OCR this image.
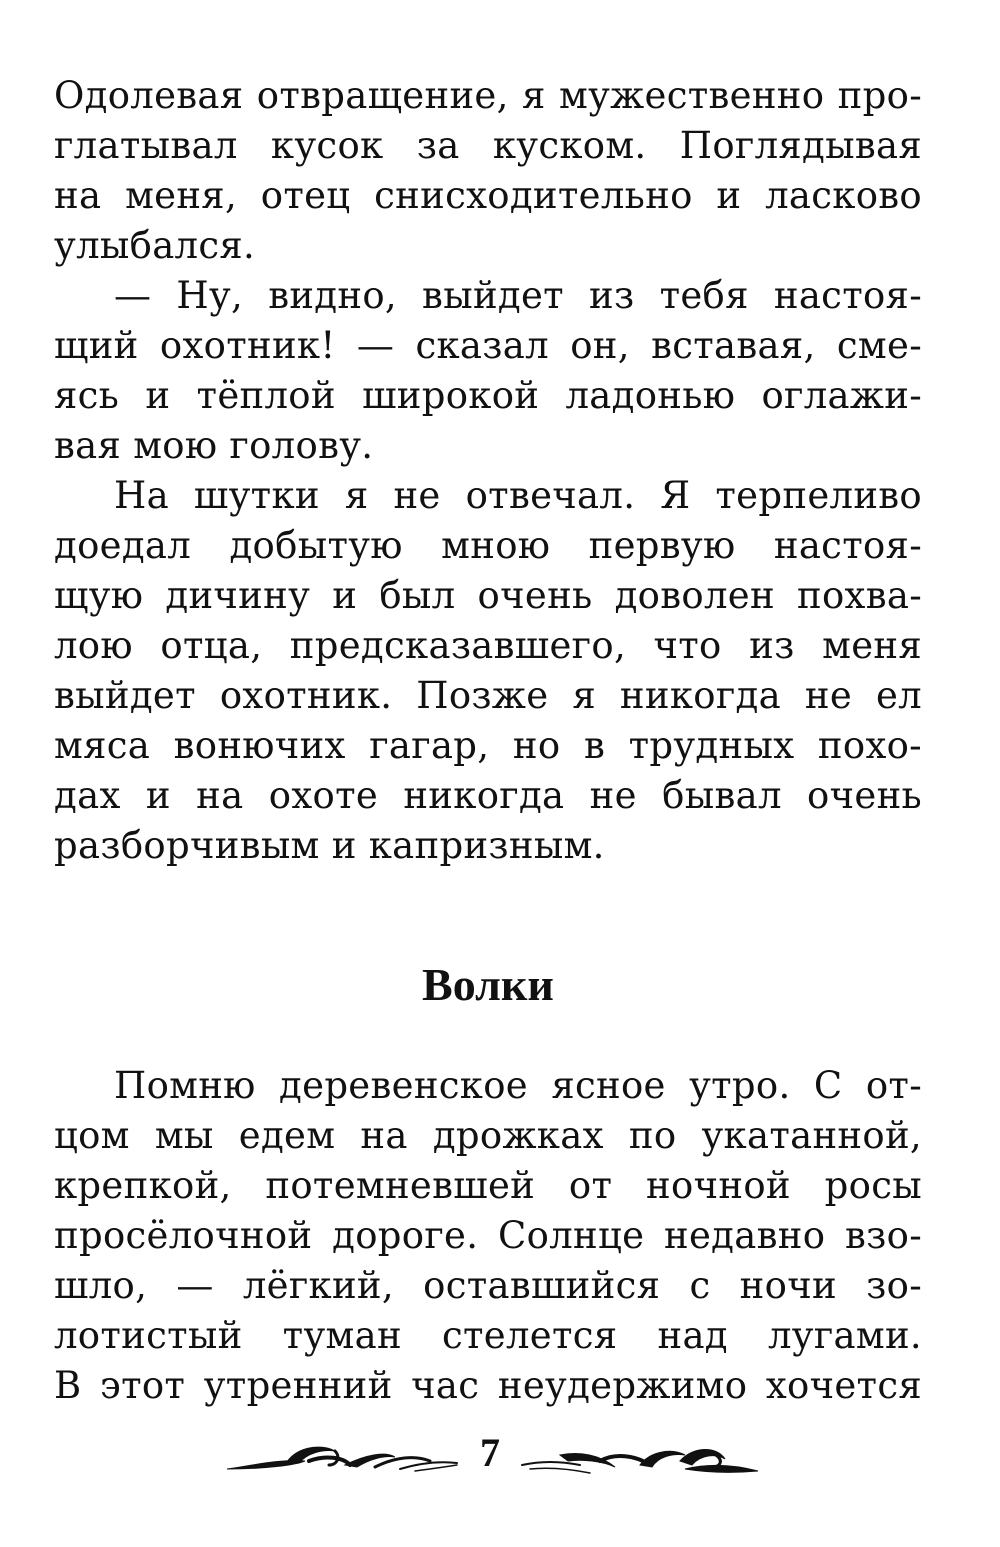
Одолевая отвращение, я мужественно про-
глатывал кусок за куском. Поглядывая
на меня, отец снисходительно и ласково
улыбался.
— Ну, видно, выйдет из тебя настоя-
щий охотник! — сказал он, вставая, сме-
ясь и тёплой широкой ладонью оглажи-
вая мою голову.
На шутки я не отвечал. Я терпеливо
доедал добытую мною первую настоя-
щую дичину и был очень доволен похва-
лою отца, предсказавшего, что из меня
выйдет охотник. Позже я никогда не ел
мяса вонючих гагар, но в трудных похо-
дах и на охоте никогда не бывал очень
разборчивым и капризным.
Волки
Помню деревенское ясное утро. С от-
цом мы едем на дрожках по укатанной,
крепкой, потемневшей от ночной росы
просёлочной дороге. Солнце недавно взо-
шло, — лёгкий, оставшийся с ночи зо-
лотистый туман стелется над лугами.
В этот утренний час неудержимо хочется
7
